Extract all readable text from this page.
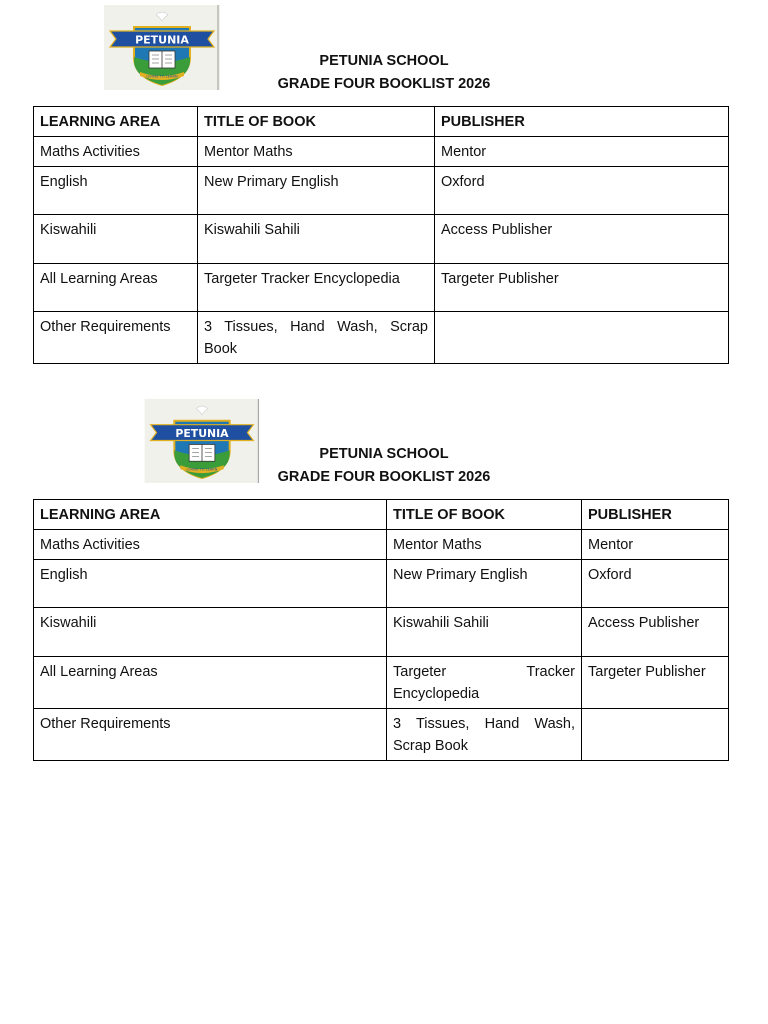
PETUNIA
LIVING TO LEARN
PETUNIA SCHOOL
GRADE FOUR BOOKLIST 2026
LEARNING AREA	TITLE OF BOOK	PUBLISHER
Maths Activities	Mentor Maths	Mentor
English	New Primary English	Oxford
Kiswahili	Kiswahili Sahili	Access Publisher
All Learning Areas	Targeter Tracker Encyclopedia	Targeter Publisher
Other Requirements	3 Tissues, Hand Wash, Scrap Book	
PETUNIA
LIVING TO LEARN
PETUNIA SCHOOL
GRADE FOUR BOOKLIST 2026
LEARNING AREA	TITLE OF BOOK	PUBLISHER
Maths Activities	Mentor Maths	Mentor
English	New Primary English	Oxford
Kiswahili	Kiswahili Sahili	Access Publisher
All Learning Areas	Targeter Tracker Encyclopedia	Targeter Publisher
Other Requirements	3 Tissues, Hand Wash, Scrap Book	
